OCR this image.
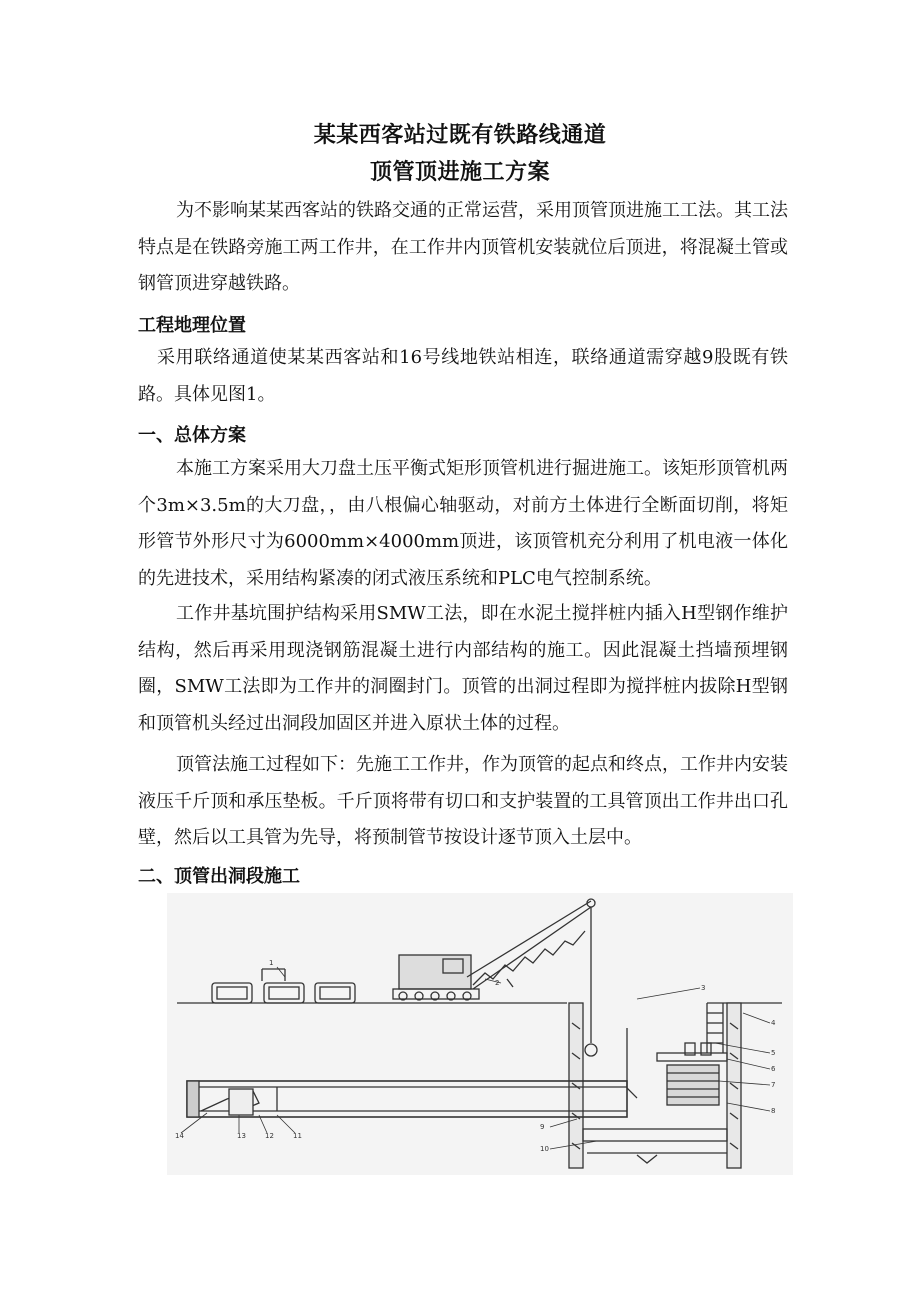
某某西客站过既有铁路线通道
顶管顶进施工方案

为不影响某某西客站的铁路交通的正常运营，采用顶管顶进施工工法。其工法特点是在铁路旁施工两工作井，在工作井内顶管机安装就位后顶进，将混凝土管或钢管顶进穿越铁路。

工程地理位置

采用联络通道使某某西客站和16号线地铁站相连，联络通道需穿越9股既有铁路。具体见图1。

一、总体方案

本施工方案采用大刀盘土压平衡式矩形顶管机进行掘进施工。该矩形顶管机两个3m×3.5m的大刀盘，，由八根偏心轴驱动，对前方土体进行全断面切削，将矩形管节外形尺寸为6000mm×4000mm顶进，该顶管机充分利用了机电液一体化的先进技术，采用结构紧凑的闭式液压系统和PLC电气控制系统。

工作井基坑围护结构采用SMW工法，即在水泥土搅拌桩内插入H型钢作维护结构，然后再采用现浇钢筋混凝土进行内部结构的施工。因此混凝土挡墙预埋钢圈，SMW工法即为工作井的洞圈封门。顶管的出洞过程即为搅拌桩内拔除H型钢和顶管机头经过出洞段加固区并进入原状土体的过程。

顶管法施工过程如下：先施工工作井，作为顶管的起点和终点，工作井内安装液压千斤顶和承压垫板。千斤顶将带有切口和支护装置的工具管顶出工作井出口孔壁，然后以工具管为先导，将预制管节按设计逐节顶入土层中。

二、顶管出洞段施工
1
2
3
4
5
6
7
8
9
10
11
12
13
14
